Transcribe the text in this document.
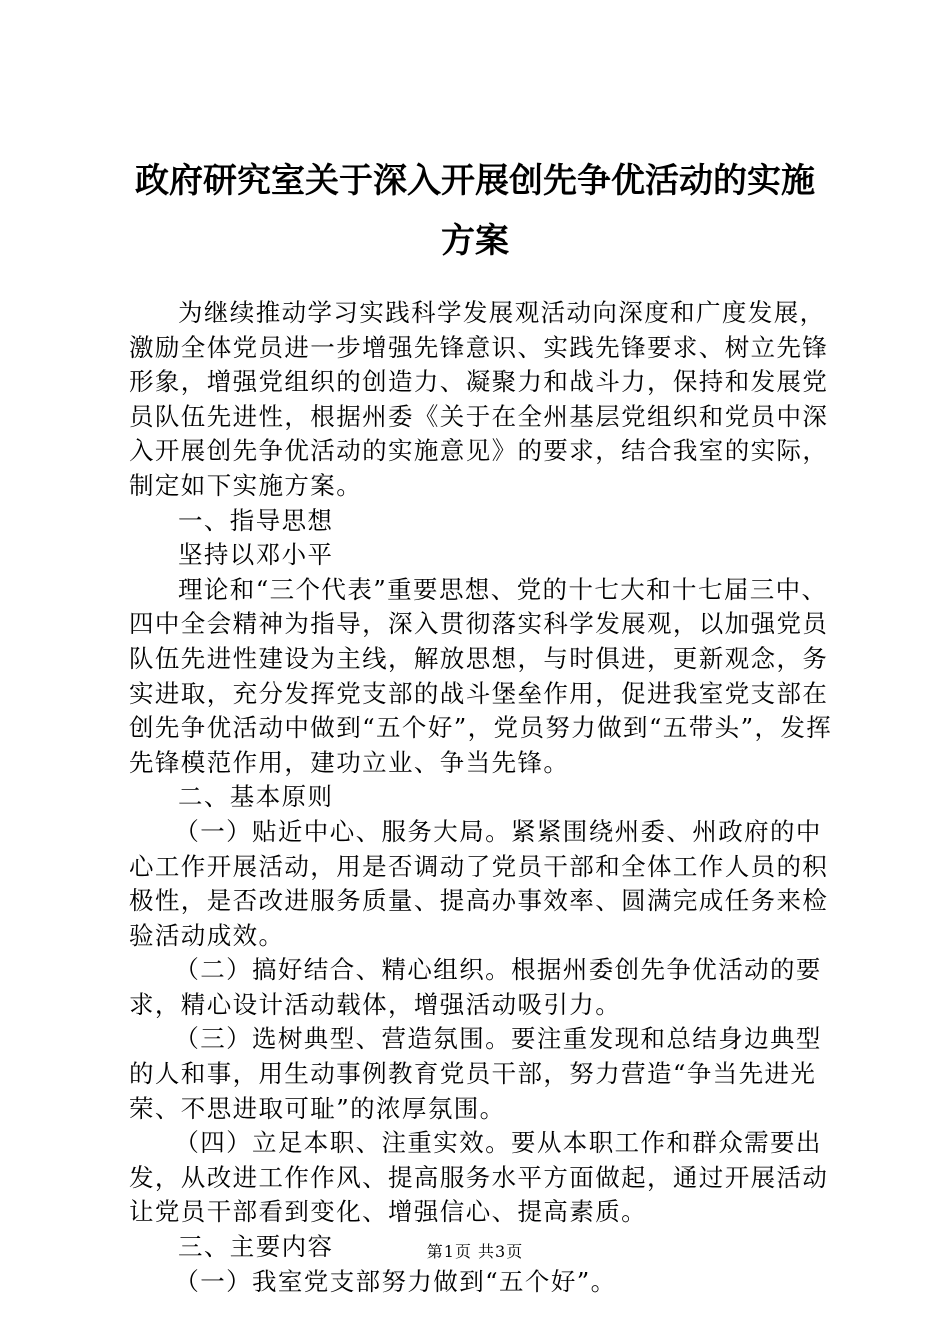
政府研究室关于深入开展创先争优活动的实施
方案

为继续推动学习实践科学发展观活动向深度和广度发展，激励全体党员进一步增强先锋意识、实践先锋要求、树立先锋形象，增强党组织的创造力、凝聚力和战斗力，保持和发展党员队伍先进性，根据州委《关于在全州基层党组织和党员中深入开展创先争优活动的实施意见》的要求，结合我室的实际，制定如下实施方案。

一、指导思想

坚持以邓小平

理论和“三个代表”重要思想、党的十七大和十七届三中、四中全会精神为指导，深入贯彻落实科学发展观，以加强党员队伍先进性建设为主线，解放思想，与时俱进，更新观念，务实进取，充分发挥党支部的战斗堡垒作用，促进我室党支部在创先争优活动中做到“五个好”，党员努力做到“五带头”，发挥先锋模范作用，建功立业、争当先锋。

二、基本原则

（一）贴近中心、服务大局。紧紧围绕州委、州政府的中心工作开展活动，用是否调动了党员干部和全体工作人员的积极性，是否改进服务质量、提高办事效率、圆满完成任务来检验活动成效。

（二）搞好结合、精心组织。根据州委创先争优活动的要求，精心设计活动载体，增强活动吸引力。

（三）选树典型、营造氛围。要注重发现和总结身边典型的人和事，用生动事例教育党员干部，努力营造“争当先进光荣、不思进取可耻”的浓厚氛围。

（四）立足本职、注重实效。要从本职工作和群众需要出发，从改进工作作风、提高服务水平方面做起，通过开展活动让党员干部看到变化、增强信心、提高素质。

三、主要内容

（一）我室党支部努力做到“五个好”。

第1页 共3页
